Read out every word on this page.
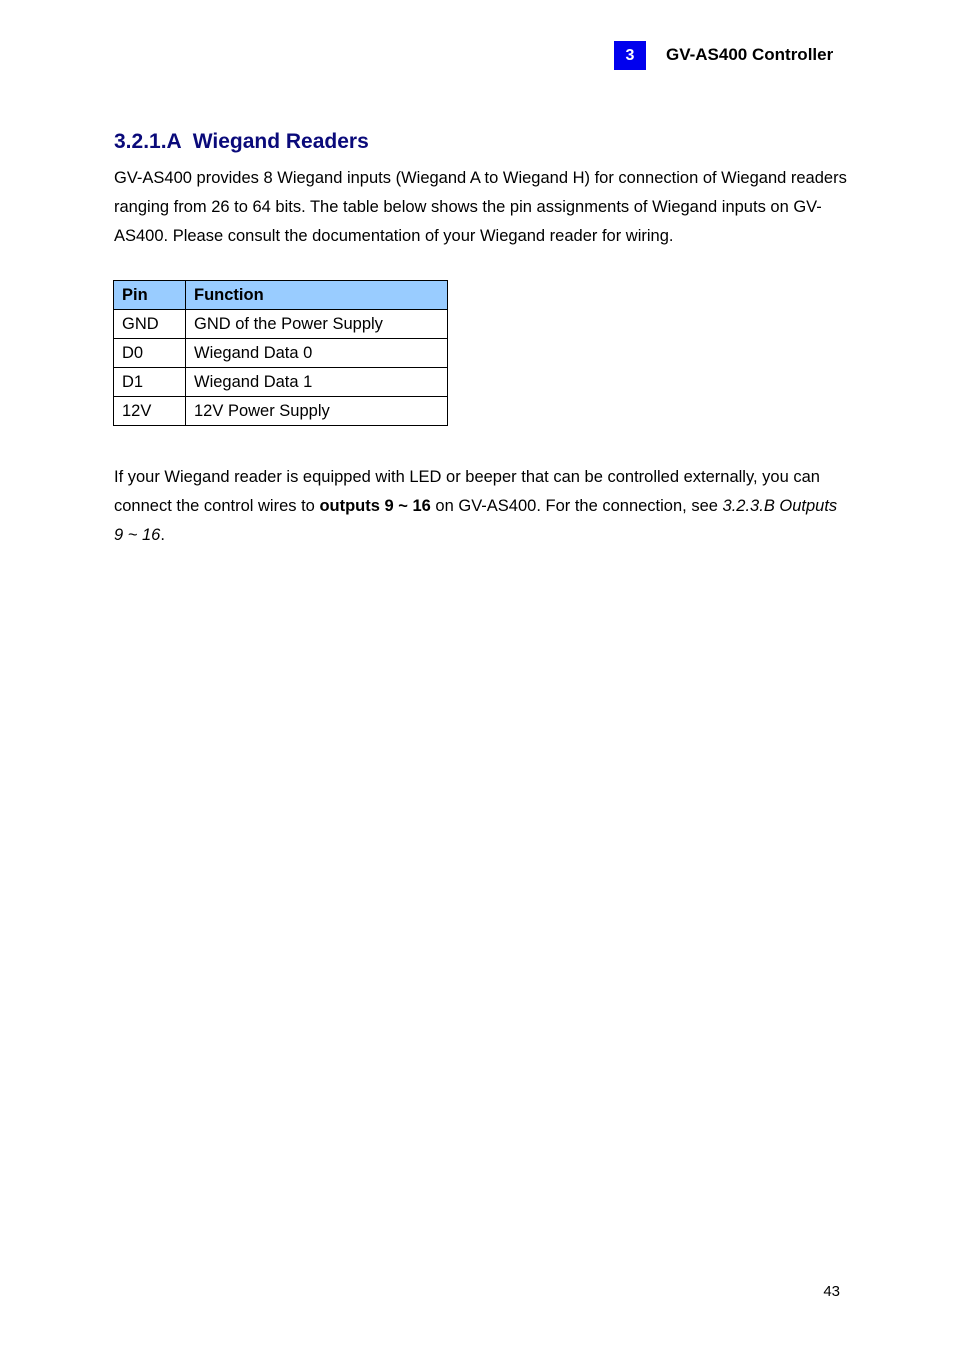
3	GV-AS400 Controller
3.2.1.A Wiegand Readers

GV-AS400 provides 8 Wiegand inputs (Wiegand A to Wiegand H) for connection of Wiegand readers ranging from 26 to 64 bits. The table below shows the pin assignments of Wiegand inputs on GV-AS400. Please consult the documentation of your Wiegand reader for wiring.

Pin	Function
GND	GND of the Power Supply
D0	Wiegand Data 0
D1	Wiegand Data 1
12V	12V Power Supply

If your Wiegand reader is equipped with LED or beeper that can be controlled externally, you can connect the control wires to outputs 9 ~ 16 on GV-AS400. For the connection, see 3.2.3.B Outputs 9 ~ 16.

43
